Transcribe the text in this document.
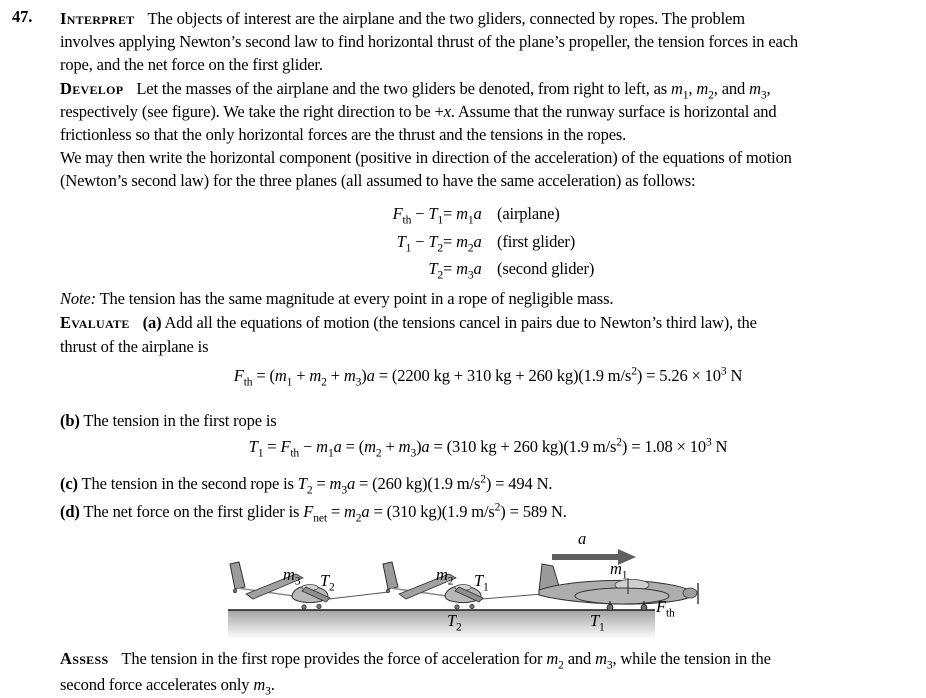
47. Interpret The objects of interest are the airplane and the two gliders, connected by ropes. The problem
involves applying Newton’s second law to find horizontal thrust of the plane’s propeller, the tension forces in each
rope, and the net force on the first glider.
Develop Let the masses of the airplane and the two gliders be denoted, from right to left, as $m_1$, $m_2$, and $m_3$,
respectively (see figure). We take the right direction to be +x. Assume that the runway surface is horizontal and
frictionless so that the only horizontal forces are the thrust and the tensions in the ropes.
We may then write the horizontal component (positive in direction of the acceleration) of the equations of motion
(Newton’s second law) for the three planes (all assumed to have the same acceleration) as follows:
$F_{th} - T_1$
$T_1 - T_2$
$T_2$
= $m_1a$
= $m_2a$
= $m_3a$
(airplane)
(first glider)
(second glider)
Note: The tension has the same magnitude at every point in a rope of negligible mass.
Evaluate (a) Add all the equations of motion (the tensions cancel in pairs due to Newton’s third law), the
thrust of the airplane is
$F_{th} = (m_1 + m_2 + m_3)a = (2200$ kg + 310 kg + 260 kg)(1.9 $m/s^2) = 5.26 \times 10^3$ N
(b) The tension in the first rope is
$T_1 = F_{th} - m_1a = (m_2 + m_3)a = (310$ kg + 260 kg)(1.9 $m/s^2) = 1.08 \times 10^3$ N
(c) The tension in the second rope is $T_2 = m_3a = (260$ kg)(1.9 $m/s^2) = 494$ N.
(d) The net force on the first glider is $F_{net} = m_2a = (310$ kg)(1.9 $m/s^2) = 589$ N.
a⃗
$m_1$
$m_3$ $T_2$
$m_2$ $T_1$
$T_2$	$T_1$
$F_{th}$
Assess The tension in the first rope provides the force of acceleration for $m_2$ and $m_3$, while the tension in the
second force accelerates only $m_3$.
